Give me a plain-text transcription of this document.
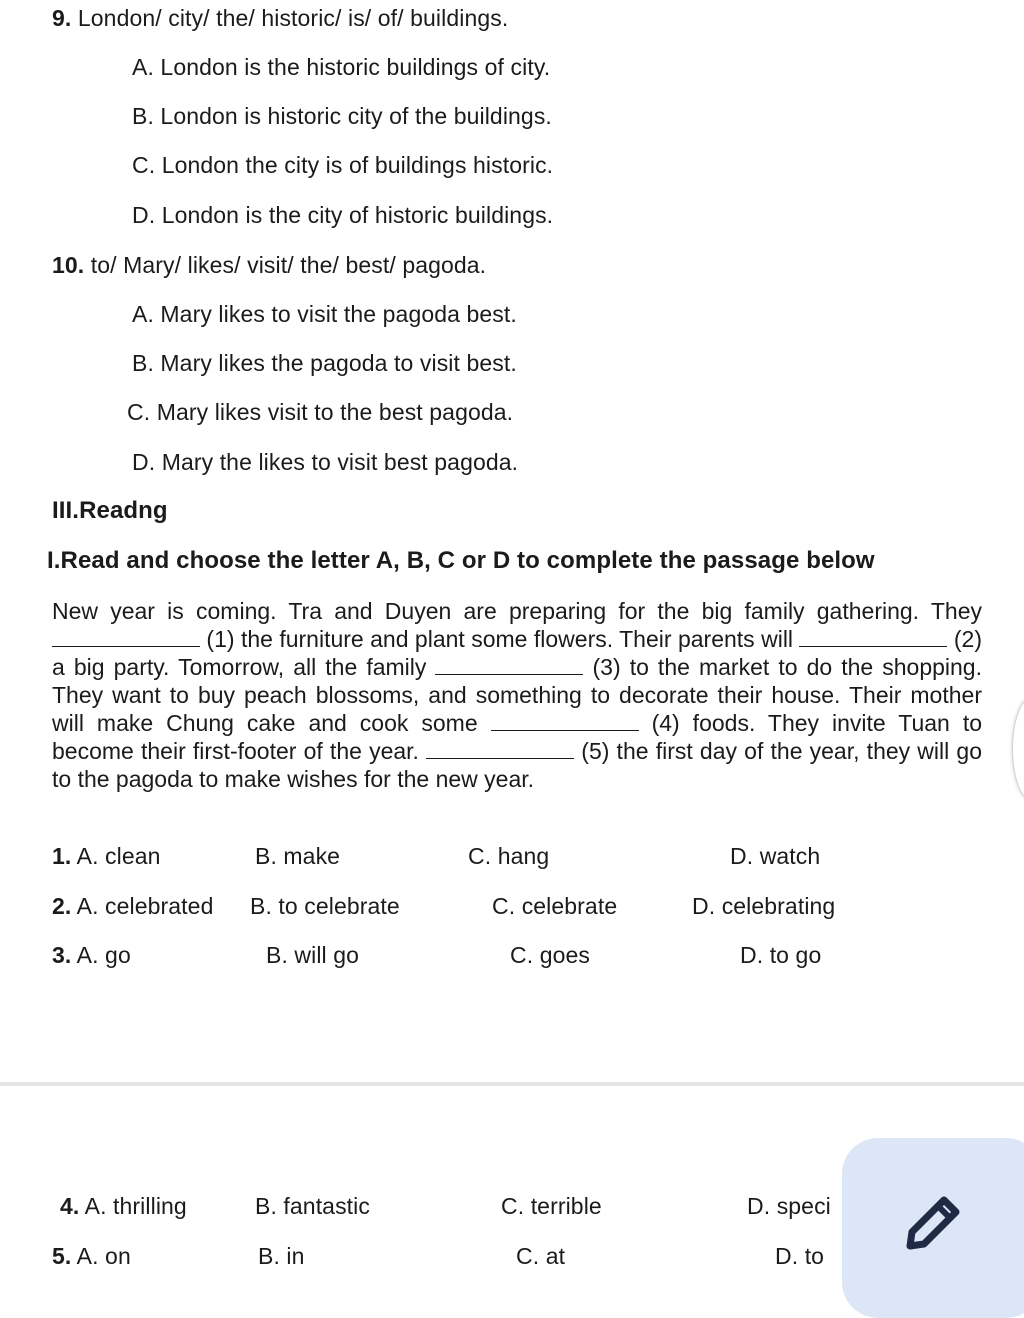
9. London/ city/ the/ historic/ is/ of/ buildings.
A. London is the historic buildings of city.
B. London is historic city of the buildings.
C. London the city is of buildings historic.
D. London is the city of historic buildings.
10. to/ Mary/ likes/ visit/ the/ best/ pagoda.
A. Mary likes to visit the pagoda best.
B. Mary likes the pagoda to visit best.
C. Mary likes visit to the best pagoda.
D. Mary the likes to visit best pagoda.
III.Readng
I.Read and choose the letter A, B, C or D to complete the passage below
New year is coming. Tra and Duyen are preparing for the big family gathering. They  (1) the furniture and plant some flowers. Their parents will	(2) a big party. Tomorrow, all the family	(3) to the market to do the shopping. They want to buy peach blossoms, and something to decorate their house. Their mother will make Chung cake and cook some	(4) foods. They invite Tuan to become their first-footer of the year.	(5) the first day of the year, they will go to the pagoda to make wishes for the new year.
1. A. clean	B. make	C. hang	D. watch
2. A. celebrated B. to celebrate	C. celebrate	D. celebrating
3. A. go	B. will go	C. goes	D. to go
4. A. thrilling	B. fantastic	C. terrible	D. speci
5. A. on	B. in	C. at	D. to
